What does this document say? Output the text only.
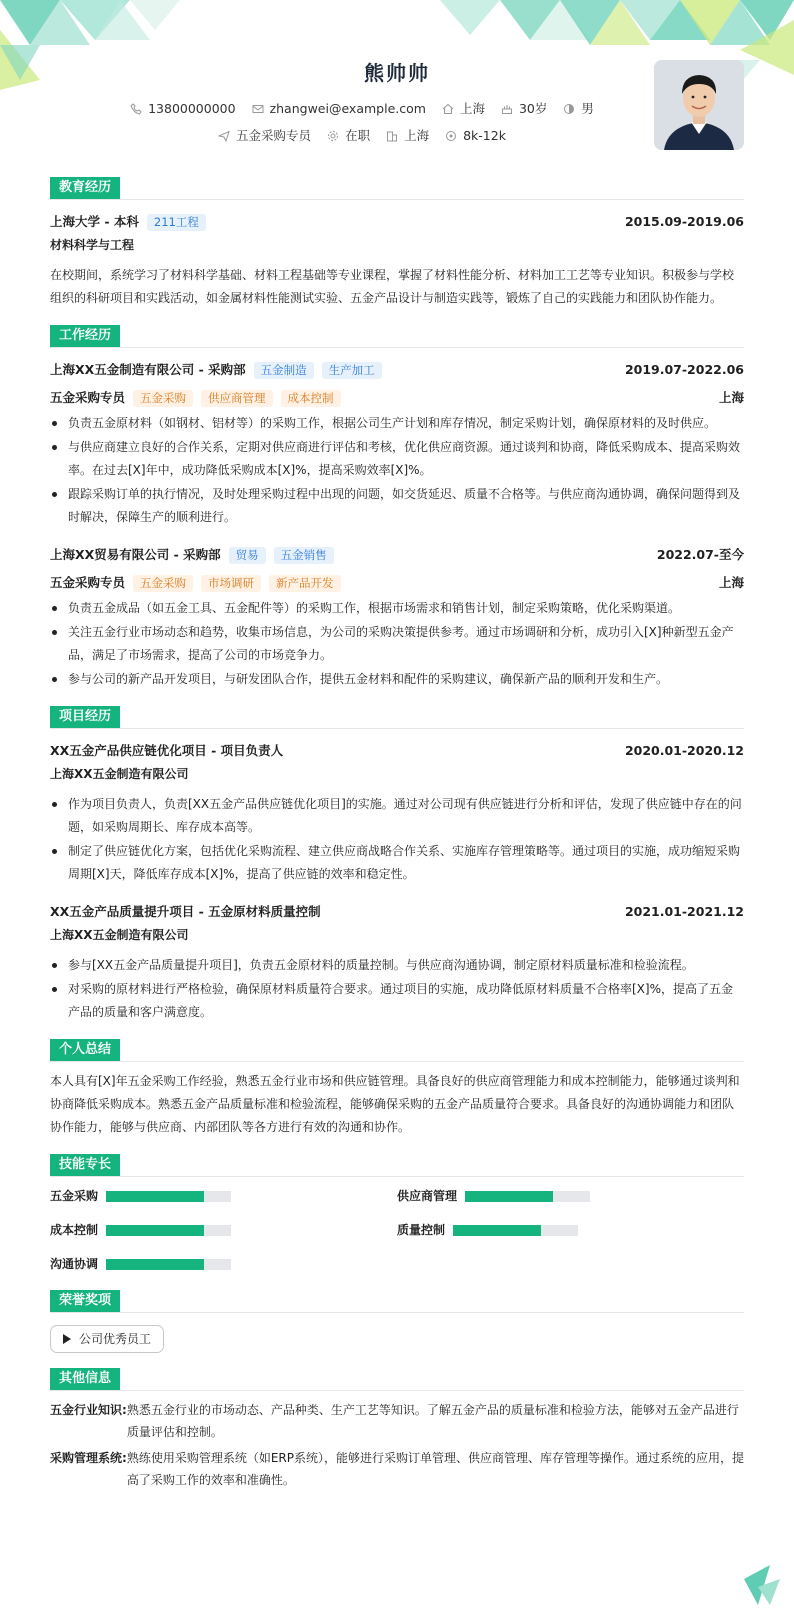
熊帅帅
13800000000	zhangwei@example.com	上海	30岁	男
五金采购专员	在职	上海	8k-12k
教育经历
上海大学 - 本科	211工程	2015.09-2019.06
材料科学与工程
在校期间，系统学习了材料科学基础、材料工程基础等专业课程，掌握了材料性能分析、材料加工工艺等专业知识。积极参与学校组织的科研项目和实践活动，如金属材料性能测试实验、五金产品设计与制造实践等，锻炼了自己的实践能力和团队协作能力。
工作经历
上海XX五金制造有限公司 - 采购部	五金制造	生产加工	2019.07-2022.06
五金采购专员	五金采购	供应商管理	成本控制	上海
负责五金原材料（如钢材、铝材等）的采购工作，根据公司生产计划和库存情况，制定采购计划，确保原材料的及时供应。
与供应商建立良好的合作关系，定期对供应商进行评估和考核，优化供应商资源。通过谈判和协商，降低采购成本、提高采购效率。在过去[X]年中，成功降低采购成本[X]%，提高采购效率[X]%。
跟踪采购订单的执行情况，及时处理采购过程中出现的问题，如交货延迟、质量不合格等。与供应商沟通协调，确保问题得到及时解决，保障生产的顺利进行。
上海XX贸易有限公司 - 采购部	贸易	五金销售	2022.07-至今
五金采购专员	五金采购	市场调研	新产品开发	上海
负责五金成品（如五金工具、五金配件等）的采购工作，根据市场需求和销售计划，制定采购策略，优化采购渠道。
关注五金行业市场动态和趋势，收集市场信息，为公司的采购决策提供参考。通过市场调研和分析，成功引入[X]种新型五金产品，满足了市场需求，提高了公司的市场竞争力。
参与公司的新产品开发项目，与研发团队合作，提供五金材料和配件的采购建议，确保新产品的顺利开发和生产。
项目经历
XX五金产品供应链优化项目 - 项目负责人	2020.01-2020.12
上海XX五金制造有限公司
作为项目负责人，负责[XX五金产品供应链优化项目]的实施。通过对公司现有供应链进行分析和评估，发现了供应链中存在的问题，如采购周期长、库存成本高等。
制定了供应链优化方案，包括优化采购流程、建立供应商战略合作关系、实施库存管理策略等。通过项目的实施，成功缩短采购周期[X]天，降低库存成本[X]%，提高了供应链的效率和稳定性。
XX五金产品质量提升项目 - 五金原材料质量控制	2021.01-2021.12
上海XX五金制造有限公司
参与[XX五金产品质量提升项目]，负责五金原材料的质量控制。与供应商沟通协调，制定原材料质量标准和检验流程。
对采购的原材料进行严格检验，确保原材料质量符合要求。通过项目的实施，成功降低原材料质量不合格率[X]%，提高了五金产品的质量和客户满意度。
个人总结
本人具有[X]年五金采购工作经验，熟悉五金行业市场和供应链管理。具备良好的供应商管理能力和成本控制能力，能够通过谈判和协商降低采购成本。熟悉五金产品质量标准和检验流程，能够确保采购的五金产品质量符合要求。具备良好的沟通协调能力和团队协作能力，能够与供应商、内部团队等各方进行有效的沟通和协作。
技能专长
五金采购	供应商管理
成本控制	质量控制
沟通协调
荣誉奖项
公司优秀员工
其他信息
五金行业知识: 熟悉五金行业的市场动态、产品种类、生产工艺等知识。了解五金产品的质量标准和检验方法，能够对五金产品进行质量评估和控制。
采购管理系统: 熟练使用采购管理系统（如ERP系统），能够进行采购订单管理、供应商管理、库存管理等操作。通过系统的应用，提高了采购工作的效率和准确性。
